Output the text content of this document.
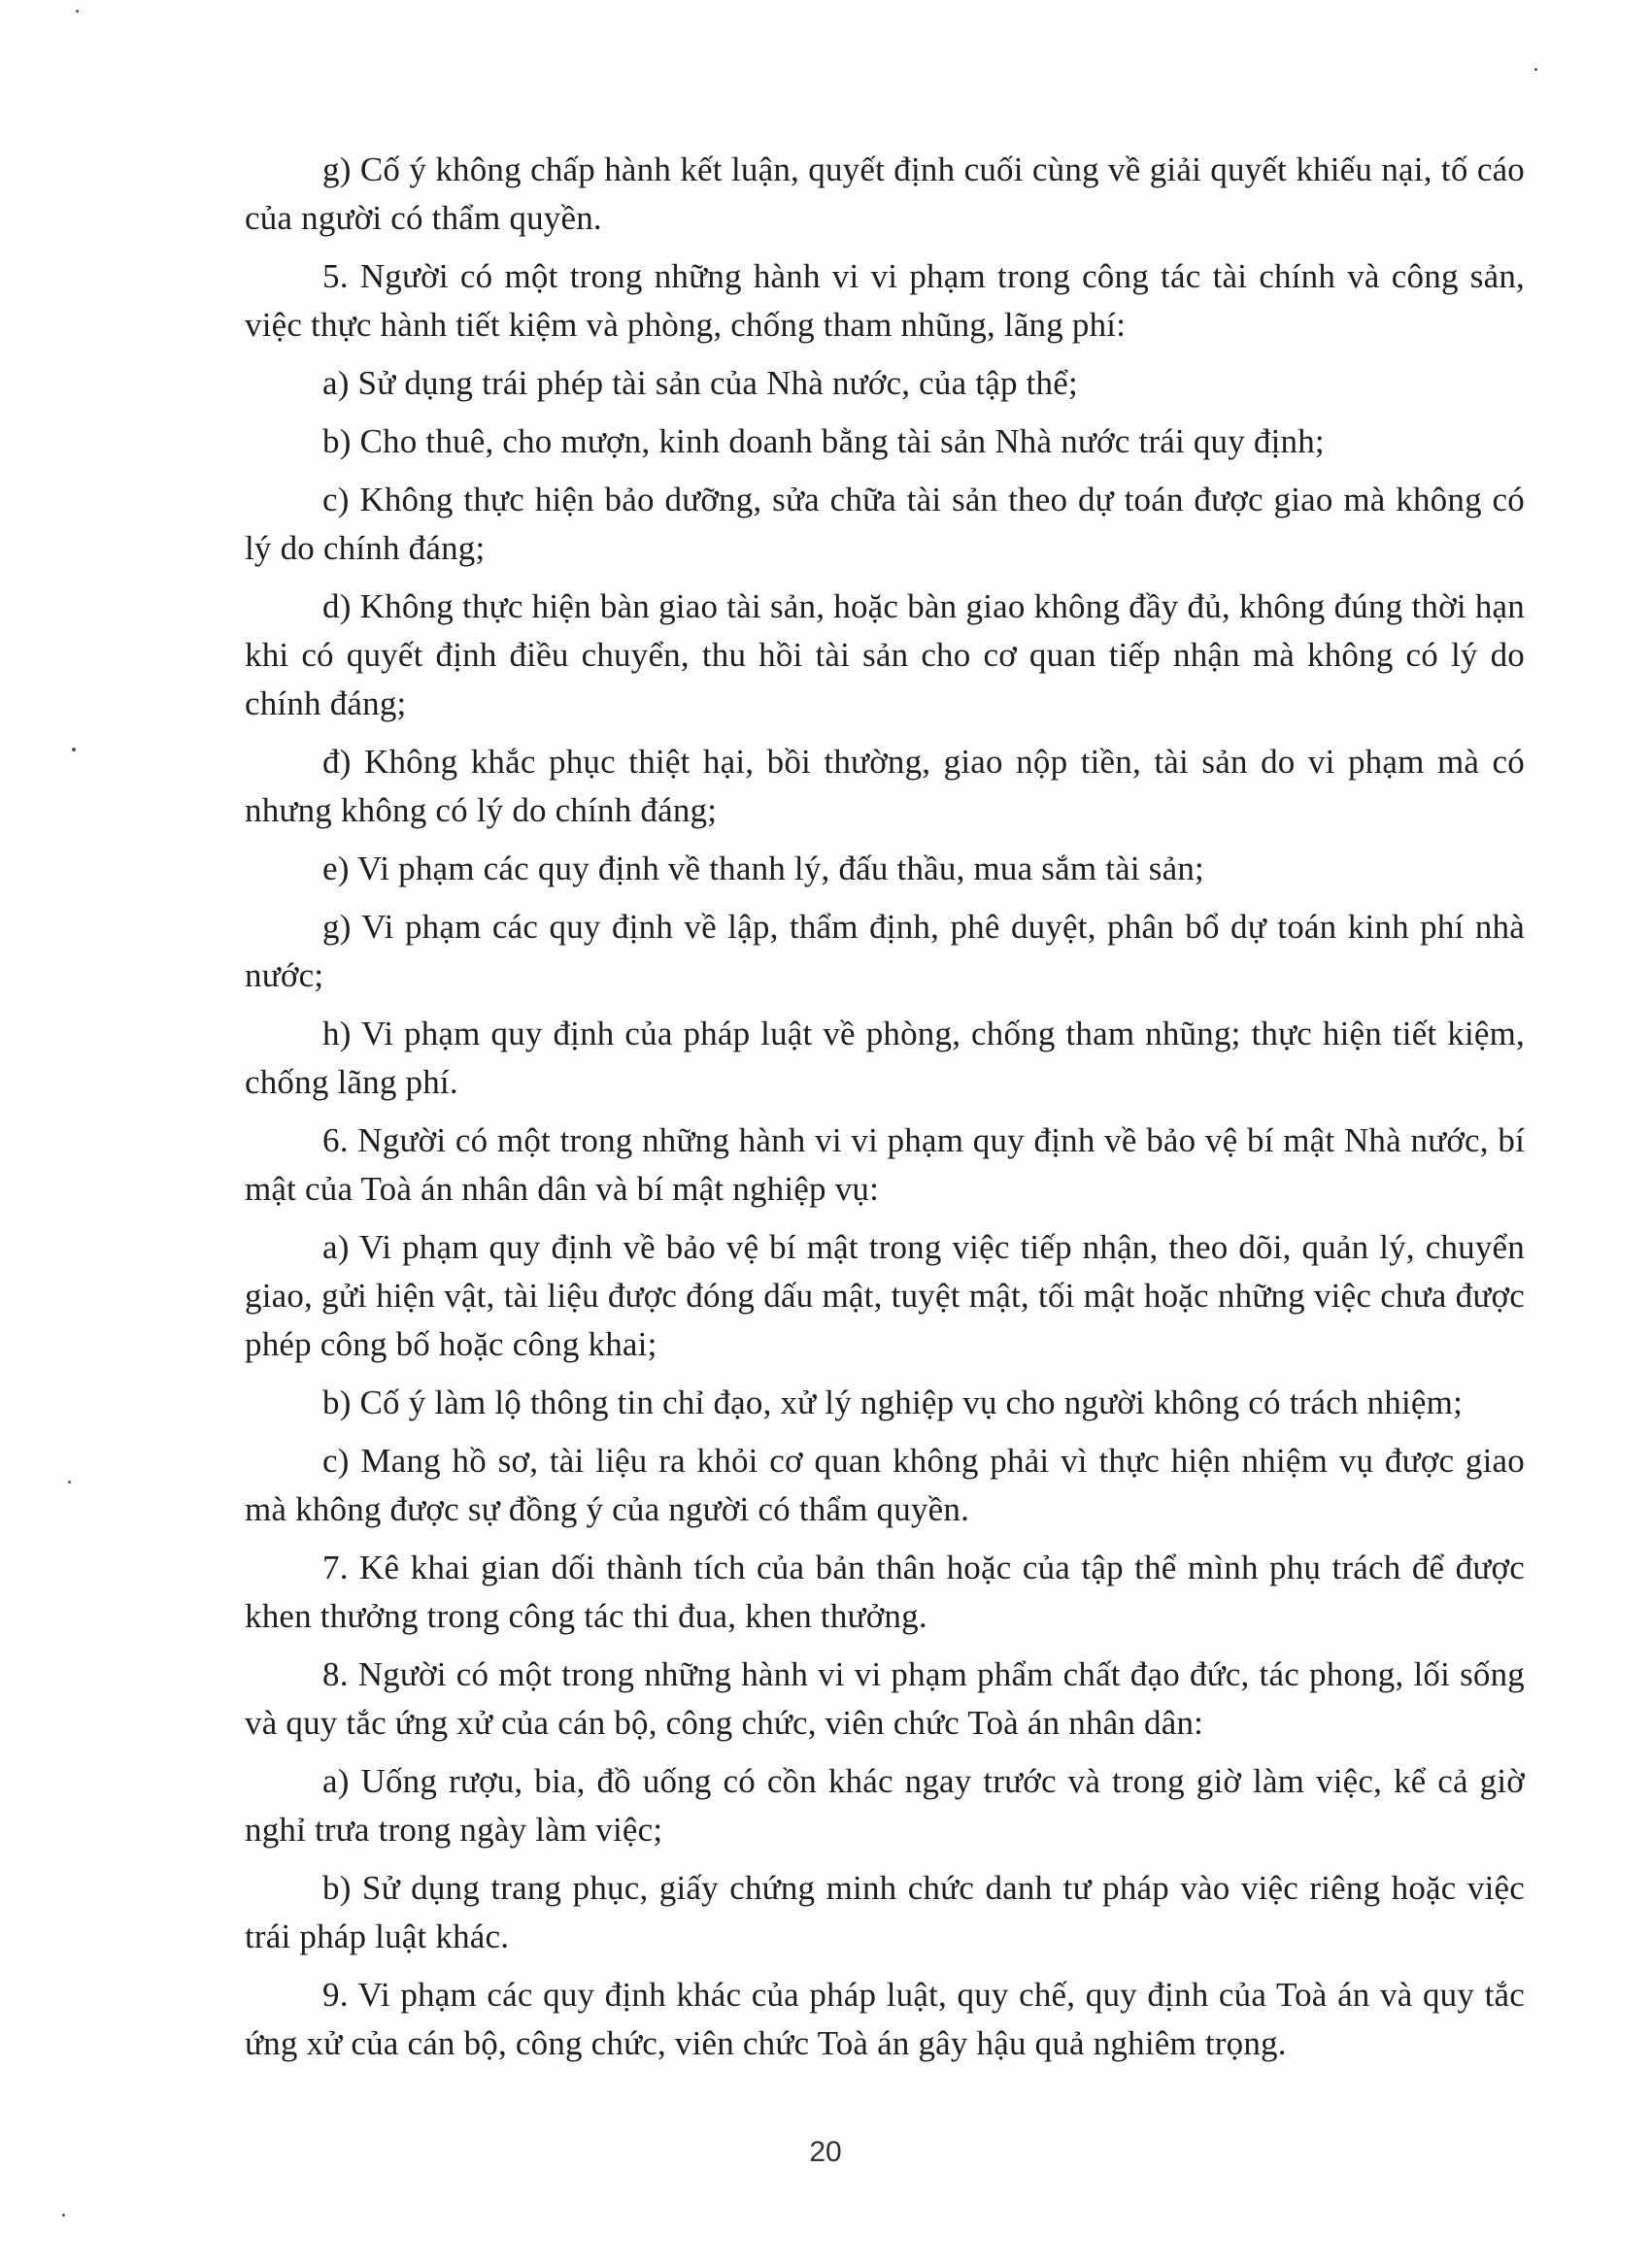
g) Cố ý không chấp hành kết luận, quyết định cuối cùng về giải quyết khiếu nại, tố cáo của người có thẩm quyền.

5. Người có một trong những hành vi vi phạm trong công tác tài chính và công sản, việc thực hành tiết kiệm và phòng, chống tham nhũng, lãng phí:

a) Sử dụng trái phép tài sản của Nhà nước, của tập thể;

b) Cho thuê, cho mượn, kinh doanh bằng tài sản Nhà nước trái quy định;

c) Không thực hiện bảo dưỡng, sửa chữa tài sản theo dự toán được giao mà không có lý do chính đáng;

d) Không thực hiện bàn giao tài sản, hoặc bàn giao không đầy đủ, không đúng thời hạn khi có quyết định điều chuyển, thu hồi tài sản cho cơ quan tiếp nhận mà không có lý do chính đáng;

đ) Không khắc phục thiệt hại, bồi thường, giao nộp tiền, tài sản do vi phạm mà có nhưng không có lý do chính đáng;

e) Vi phạm các quy định về thanh lý, đấu thầu, mua sắm tài sản;

g) Vi phạm các quy định về lập, thẩm định, phê duyệt, phân bổ dự toán kinh phí nhà nước;

h) Vi phạm quy định của pháp luật về phòng, chống tham nhũng; thực hiện tiết kiệm, chống lãng phí.

6. Người có một trong những hành vi vi phạm quy định về bảo vệ bí mật Nhà nước, bí mật của Toà án nhân dân và bí mật nghiệp vụ:

a) Vi phạm quy định về bảo vệ bí mật trong việc tiếp nhận, theo dõi, quản lý, chuyển giao, gửi hiện vật, tài liệu được đóng dấu mật, tuyệt mật, tối mật hoặc những việc chưa được phép công bố hoặc công khai;

b) Cố ý làm lộ thông tin chỉ đạo, xử lý nghiệp vụ cho người không có trách nhiệm;

c) Mang hồ sơ, tài liệu ra khỏi cơ quan không phải vì thực hiện nhiệm vụ được giao mà không được sự đồng ý của người có thẩm quyền.

7. Kê khai gian dối thành tích của bản thân hoặc của tập thể mình phụ trách để được khen thưởng trong công tác thi đua, khen thưởng.

8. Người có một trong những hành vi vi phạm phẩm chất đạo đức, tác phong, lối sống và quy tắc ứng xử của cán bộ, công chức, viên chức Toà án nhân dân:

a) Uống rượu, bia, đồ uống có cồn khác ngay trước và trong giờ làm việc, kể cả giờ nghỉ trưa trong ngày làm việc;

b) Sử dụng trang phục, giấy chứng minh chức danh tư pháp vào việc riêng hoặc việc trái pháp luật khác.

9. Vi phạm các quy định khác của pháp luật, quy chế, quy định của Toà án và quy tắc ứng xử của cán bộ, công chức, viên chức Toà án gây hậu quả nghiêm trọng.

20
